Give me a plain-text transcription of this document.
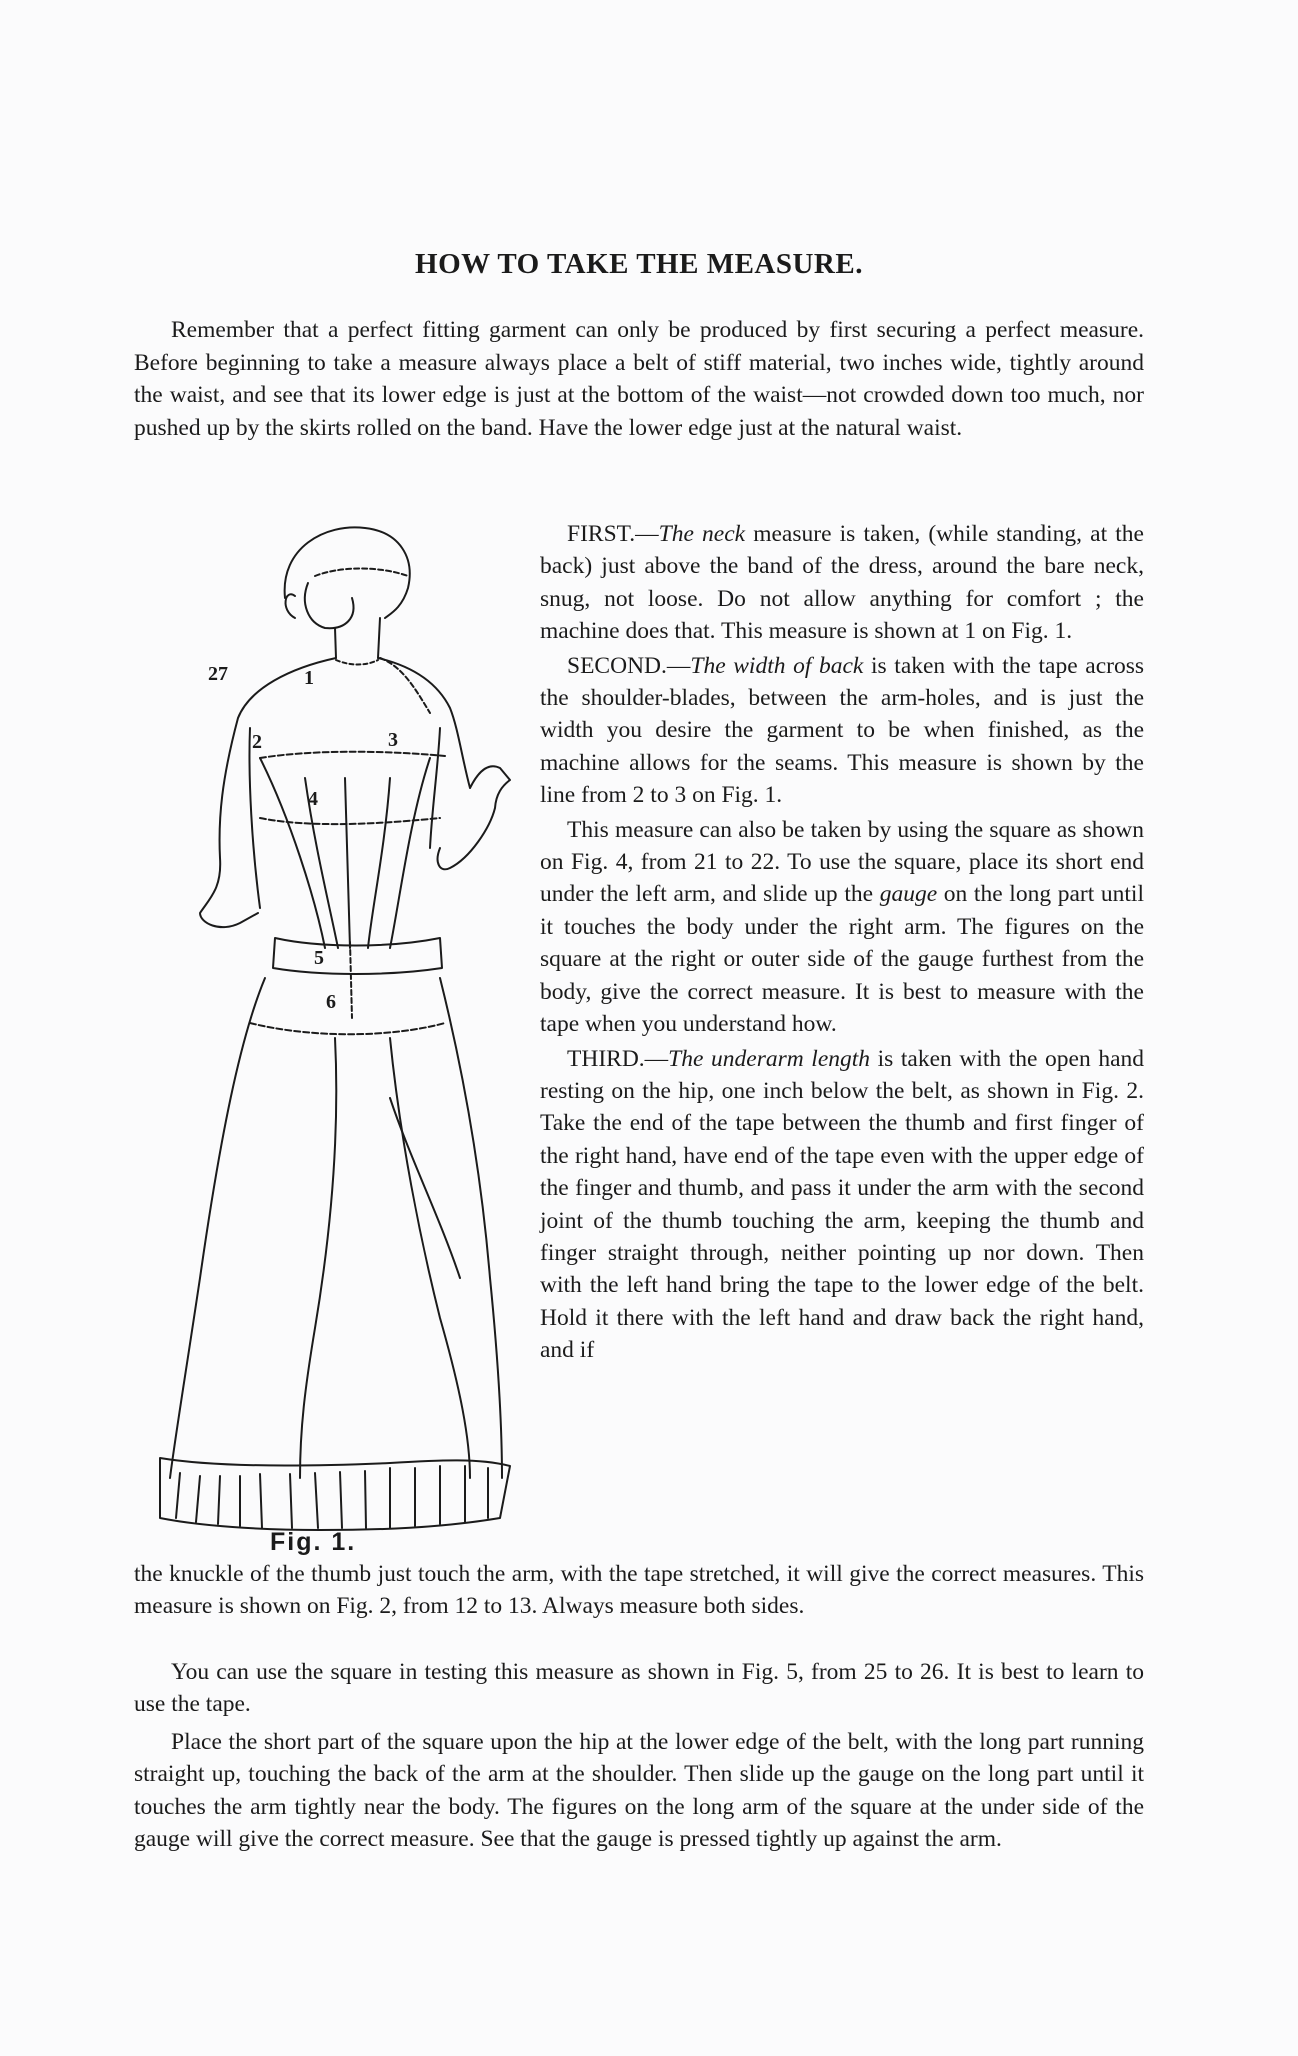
HOW TO TAKE THE MEASURE.

Remember that a perfect fitting garment can only be produced by first securing a perfect measure. Before beginning to take a measure always place a belt of stiff material, two inches wide, tightly around the waist, and see that its lower edge is just at the bottom of the waist—not crowded down too much, nor pushed up by the skirts rolled on the band. Have the lower edge just at the natural waist.

27	1
2	3
4
5
6
Fig. 1.

FIRST.—The neck measure is taken, (while standing, at the back) just above the band of the dress, around the bare neck, snug, not loose. Do not allow anything for comfort ; the machine does that. This measure is shown at 1 on Fig. 1.

SECOND.—The width of back is taken with the tape across the shoulder-blades, between the arm-holes, and is just the width you desire the garment to be when finished, as the machine allows for the seams. This measure is shown by the line from 2 to 3 on Fig. 1.

This measure can also be taken by using the square as shown on Fig. 4, from 21 to 22. To use the square, place its short end under the left arm, and slide up the gauge on the long part until it touches the body under the right arm. The figures on the square at the right or outer side of the gauge furthest from the body, give the correct measure. It is best to measure with the tape when you understand how.

THIRD.—The underarm length is taken with the open hand resting on the hip, one inch below the belt, as shown in Fig. 2. Take the end of the tape between the thumb and first finger of the right hand, have end of the tape even with the upper edge of the finger and thumb, and pass it under the arm with the second joint of the thumb touching the arm, keeping the thumb and finger straight through, neither pointing up nor down. Then with the left hand bring the tape to the lower edge of the belt. Hold it there with the left hand and draw back the right hand, and if

the knuckle of the thumb just touch the arm, with the tape stretched, it will give the correct measures. This measure is shown on Fig. 2, from 12 to 13. Always measure both sides.

You can use the square in testing this measure as shown in Fig. 5, from 25 to 26. It is best to learn to use the tape.

Place the short part of the square upon the hip at the lower edge of the belt, with the long part running straight up, touching the back of the arm at the shoulder. Then slide up the gauge on the long part until it touches the arm tightly near the body. The figures on the long arm of the square at the under side of the gauge will give the correct measure. See that the gauge is pressed tightly up against the arm.
